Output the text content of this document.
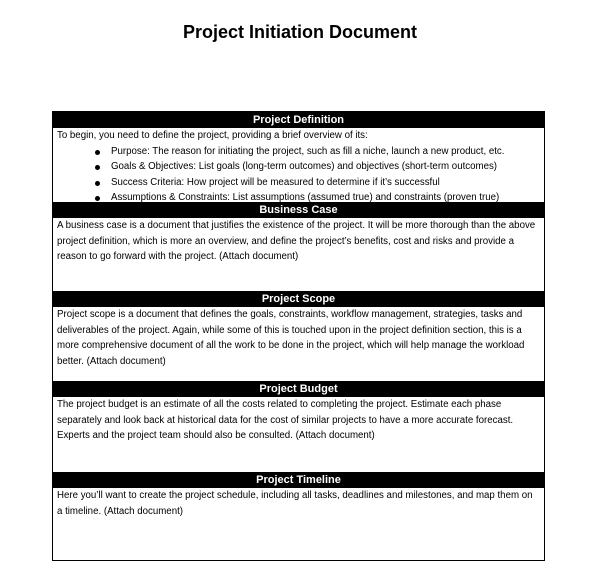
Project Initiation Document
Project Definition
To begin, you need to define the project, providing a brief overview of its:
Purpose: The reason for initiating the project, such as fill a niche, launch a new product, etc.
Goals & Objectives: List goals (long-term outcomes) and objectives (short-term outcomes)
Success Criteria: How project will be measured to determine if it’s successful
Assumptions & Constraints: List assumptions (assumed true) and constraints (proven true)
Business Case
A business case is a document that justifies the existence of the project. It will be more thorough than the above project definition, which is more an overview, and define the project’s benefits, cost and risks and provide a reason to go forward with the project. (Attach document)
Project Scope
Project scope is a document that defines the goals, constraints, workflow management, strategies, tasks and deliverables of the project. Again, while some of this is touched upon in the project definition section, this is a more comprehensive document of all the work to be done in the project, which will help manage the workload better. (Attach document)
Project Budget
The project budget is an estimate of all the costs related to completing the project. Estimate each phase separately and look back at historical data for the cost of similar projects to have a more accurate forecast. Experts and the project team should also be consulted. (Attach document)
Project Timeline
Here you’ll want to create the project schedule, including all tasks, deadlines and milestones, and map them on a timeline. (Attach document)
